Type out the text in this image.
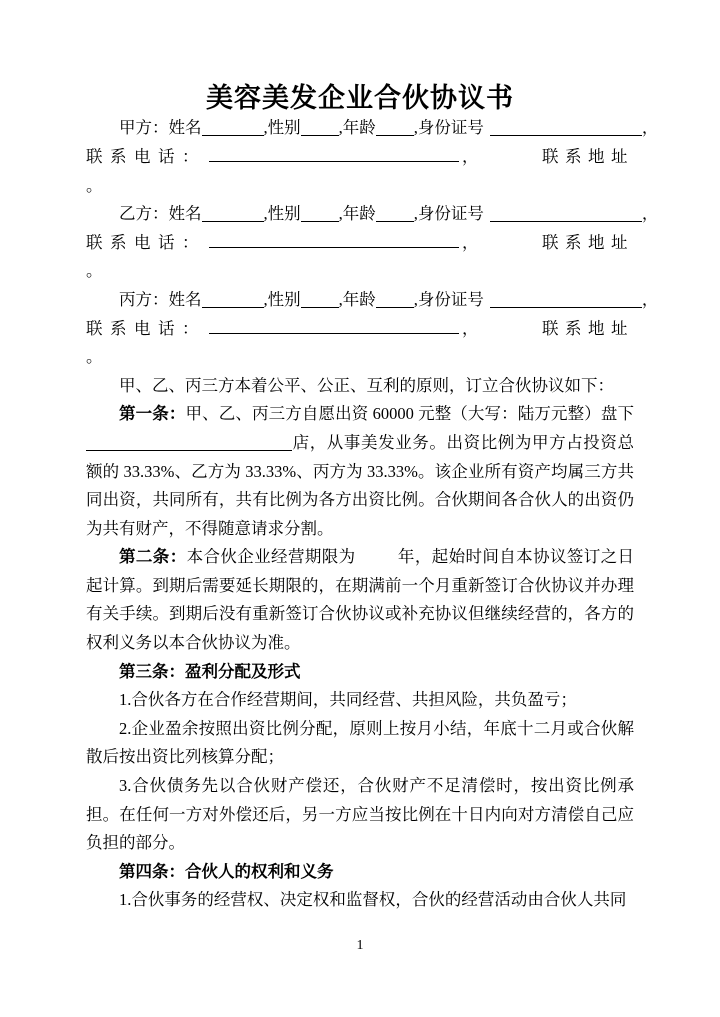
美容美发企业合伙协议书
甲方：姓名	,性别 ,年龄 ,身份证号	，
联系电话：	，	联系地址
。
乙方：姓名	,性别 ,年龄 ,身份证号	，
联系电话：	，	联系地址
。
丙方：姓名	,性别 ,年龄 ,身份证号	，
联系电话：	，	联系地址
。

甲、乙、丙三方本着公平、公正、互利的原则，订立合伙协议如下：

第一条：甲、乙、丙三方自愿出资 60000 元整（大写：陆万元整）盘下店，从事美发业务。出资比例为甲方占投资总额的 33.33%、乙方为 33.33%、丙方为 33.33%。该企业所有资产均属三方共同出资，共同所有，共有比例为各方出资比例。合伙期间各合伙人的出资仍为共有财产，不得随意请求分割。

第二条：本合伙企业经营期限为	年，起始时间自本协议签订之日起计算。到期后需要延长期限的，在期满前一个月重新签订合伙协议并办理有关手续。到期后没有重新签订合伙协议或补充协议但继续经营的，各方的权利义务以本合伙协议为准。

第三条：盈利分配及形式

1.合伙各方在合作经营期间，共同经营、共担风险，共负盈亏；

2.企业盈余按照出资比例分配，原则上按月小结，年底十二月或合伙解散后按出资比列核算分配；

3.合伙债务先以合伙财产偿还，合伙财产不足清偿时，按出资比例承担。在任何一方对外偿还后，另一方应当按比例在十日内向对方清偿自己应负担的部分。

第四条：合伙人的权利和义务

1.合伙事务的经营权、决定权和监督权，合伙的经营活动由合伙人共同

1
